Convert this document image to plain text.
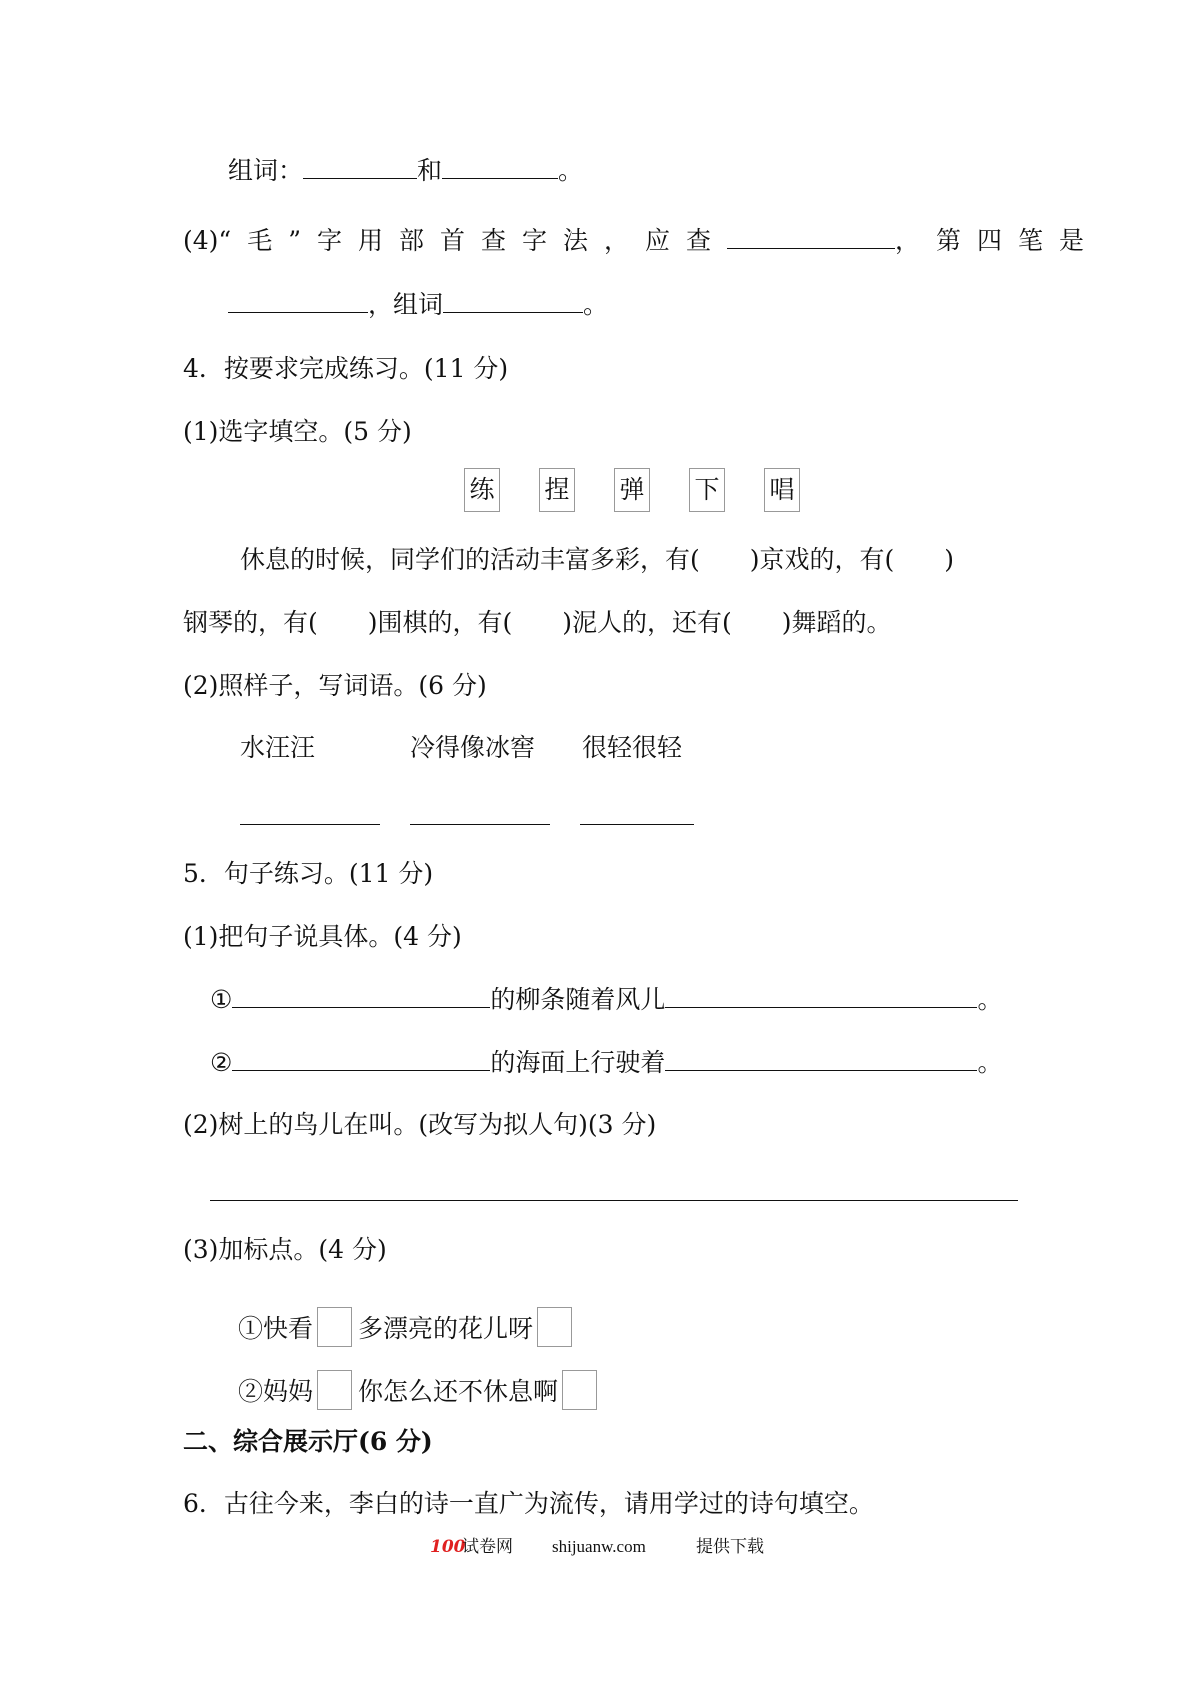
组词：	和	。
(4)“毛”字用部首查字法，应查	，第四笔是
，组词	。
4．按要求完成练习。(11 分)
(1)选字填空。(5 分)
练 捏 弹 下 唱
休息的时候，同学们的活动丰富多彩，有(　　)京戏的，有(　　)
钢琴的，有(　　)围棋的，有(　　)泥人的，还有(　　)舞蹈的。
(2)照样子，写词语。(6 分)
水汪汪	冷得像冰窖 很轻很轻
5．句子练习。(11 分)
(1)把句子说具体。(4 分)
①	的柳条随着风儿	。
②	的海面上行驶着	。
(2)树上的鸟儿在叫。(改写为拟人句)(3 分)
(3)加标点。(4 分)
①快看 多漂亮的花儿呀
②妈妈 你怎么还不休息啊
二、综合展示厅(6 分)
6．古往今来，李白的诗一直广为流传，请用学过的诗句填空。
100
试卷网 shijuanw.com	提供下载
